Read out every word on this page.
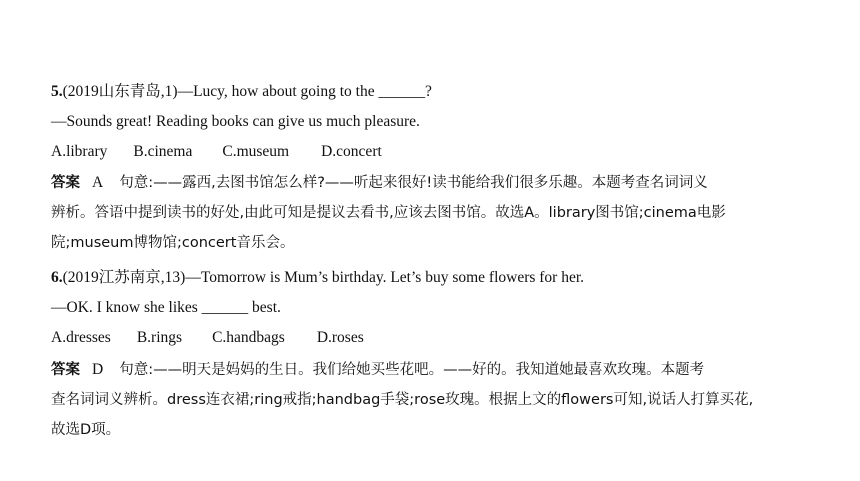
5.(2019山东青岛,1)—Lucy, how about going to the ______?
—Sounds great! Reading books can give us much pleasure.
A.library B.cinema C.museum D.concert
答案 A 句意:——露西,去图书馆怎么样?——听起来很好!读书能给我们很多乐趣。本题考查名词词义
辨析。答语中提到读书的好处,由此可知是提议去看书,应该去图书馆。故选A。library图书馆;cinema电影
院;museum博物馆;concert音乐会。
6.(2019江苏南京,13)—Tomorrow is Mum’s birthday. Let’s buy some flowers for her.
—OK. I know she likes ______ best.
A.dresses B.rings C.handbags D.roses
答案 D 句意:——明天是妈妈的生日。我们给她买些花吧。——好的。我知道她最喜欢玫瑰。本题考
查名词词义辨析。dress连衣裙;ring戒指;handbag手袋;rose玫瑰。根据上文的flowers可知,说话人打算买花,
故选D项。
